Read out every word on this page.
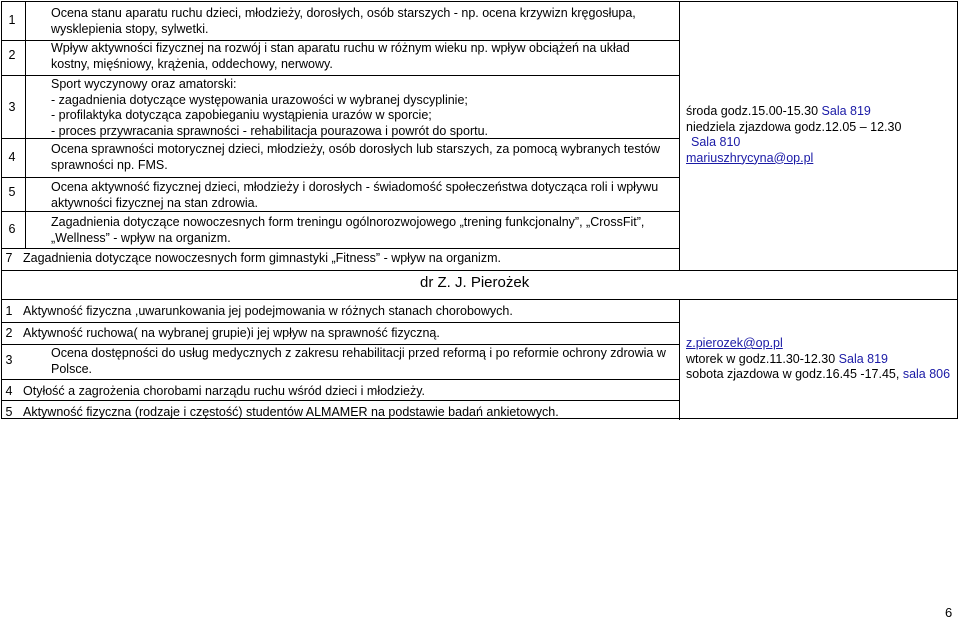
1
2
3
4
5
6
7
Ocena stanu aparatu ruchu dzieci, młodzieży, dorosłych, osób starszych - np. ocena krzywizn kręgosłupa, wysklepienia stopy, sylwetki.
Wpływ aktywności fizycznej na rozwój i stan aparatu ruchu w różnym wieku np. wpływ obciążeń na układ kostny, mięśniowy, krążenia, oddechowy, nerwowy.
Sport wyczynowy oraz amatorski:
- zagadnienia dotyczące występowania urazowości w wybranej dyscyplinie;
- profilaktyka dotycząca zapobieganiu wystąpienia urazów w sporcie;
- proces przywracania sprawności - rehabilitacja pourazowa i powrót do sportu.
Ocena sprawności motorycznej dzieci, młodzieży, osób dorosłych lub starszych, za pomocą wybranych testów sprawności np. FMS.
Ocena aktywność fizycznej dzieci, młodzieży i dorosłych - świadomość społeczeństwa dotycząca roli i wpływu aktywności fizycznej na stan zdrowia.
Zagadnienia dotyczące nowoczesnych form treningu ogólnorozwojowego „trening funkcjonalny”, „CrossFit”, „Wellness” - wpływ na organizm.
Zagadnienia dotyczące nowoczesnych form gimnastyki „Fitness” - wpływ na organizm.
środa godz.15.00-15.30 Sala 819
niedziela zjazdowa godz.12.05 – 12.30
Sala 810
mariuszhrycyna@op.pl
dr Z. J. Pierożek
1
2
3
4
5
Aktywność fizyczna ,uwarunkowania jej podejmowania w różnych stanach chorobowych.
Aktywność ruchowa( na wybranej grupie)i jej wpływ na sprawność fizyczną.
Ocena dostępności do usług medycznych z zakresu rehabilitacji przed reformą i po reformie ochrony zdrowia w Polsce.
Otyłość a zagrożenia chorobami narządu ruchu wśród dzieci i młodzieży.
Aktywność fizyczna (rodzaje i częstość) studentów ALMAMER na podstawie badań ankietowych.
z.pierozek@op.pl
wtorek w godz.11.30-12.30 Sala 819
sobota zjazdowa w godz.16.45 -17.45, sala 806
6
